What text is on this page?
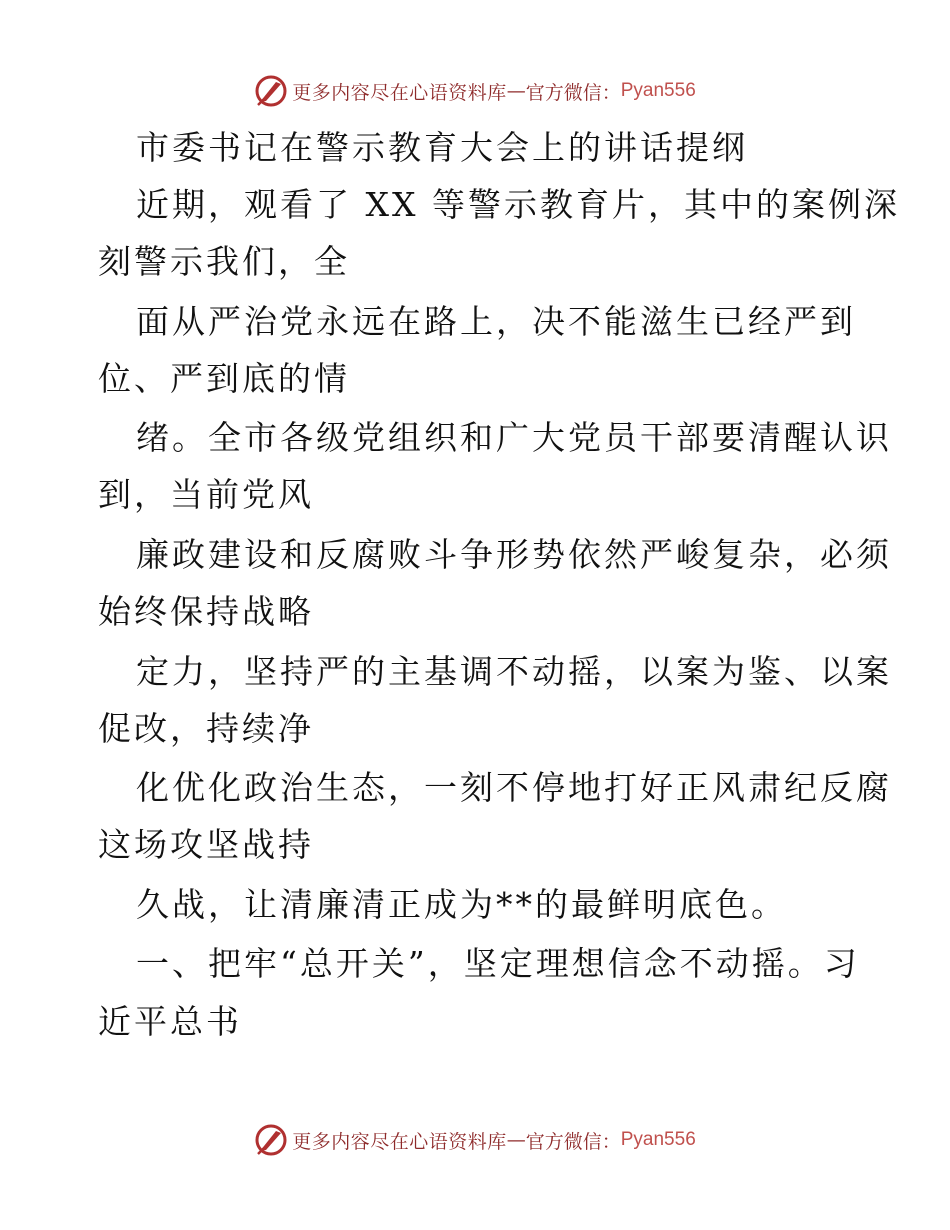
更多内容尽在心语资料库 — 官方微信： Pyan556
市委书记在警示教育大会上的讲话提纲
近期，观看了 XX 等警示教育片，其中的案例深
刻警示我们，全
面从严治党永远在路上，决不能滋生已经严到
位、严到底的情
绪。全市各级党组织和广大党员干部要清醒认识
到，当前党风
廉政建设和反腐败斗争形势依然严峻复杂，必须
始终保持战略
定力，坚持严的主基调不动摇，以案为鉴、以案
促改，持续净
化优化政治生态，一刻不停地打好正风肃纪反腐
这场攻坚战持
久战，让清廉清正成为**的最鲜明底色。
一、把牢“总开关”，坚定理想信念不动摇。习
近平总书
更多内容尽在心语资料库 — 官方微信： Pyan556
